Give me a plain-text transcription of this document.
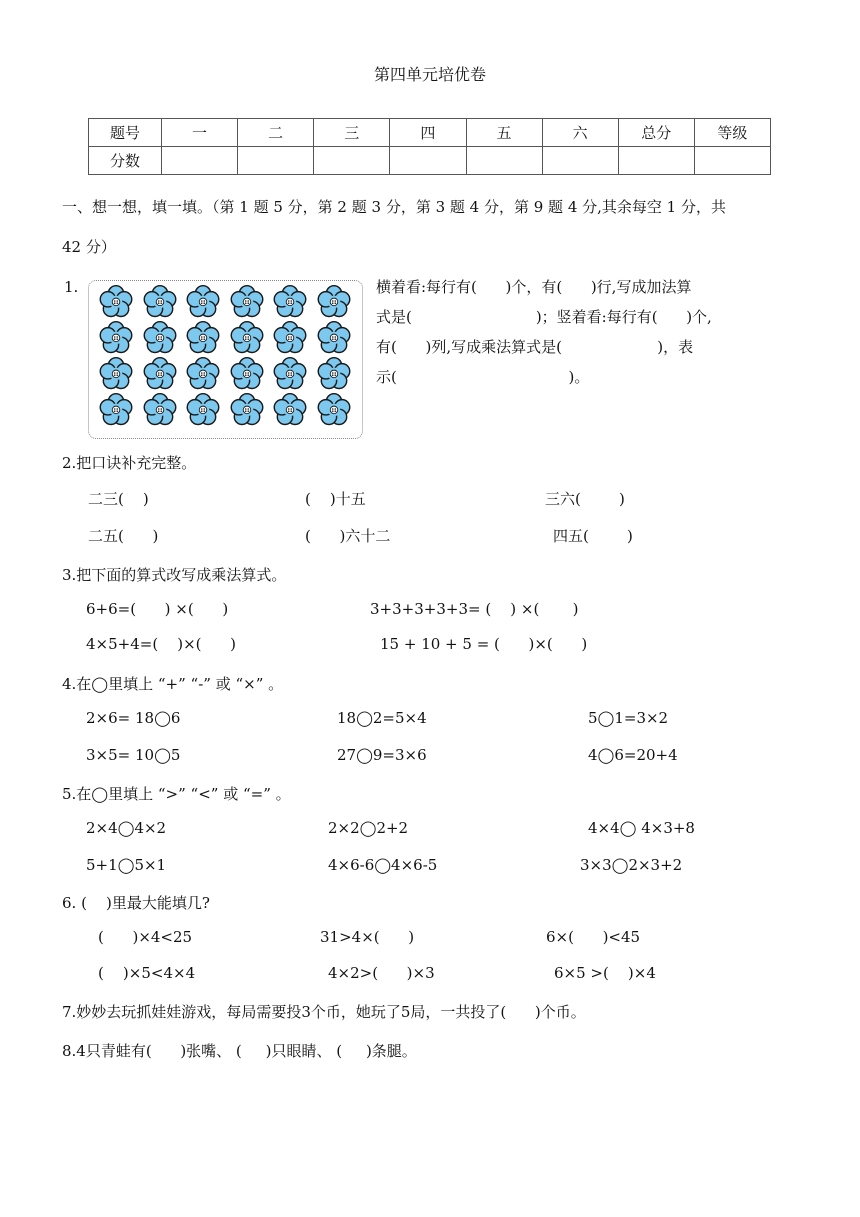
第四单元培优卷
题号	一	二	三	四	五	六	总分	等级
分数								
一、想一想，填一填。（第 1 题 5 分，第 2 题 3 分，第 3 题 4 分，第 9 题 4 分,其余每空 1 分，共
42 分）
1.	横着看:每行有(      )个，有(      )行,写成加法算
式是(                          )；竖着看:每行有(      )个,
有(      )列,写成乘法算式是(                    )，表
示(                                    )。
2.把口诀补充完整。
二三(    )	(    )十五	三六(        )
二五(      )	(      )六十二	四五(        )
3.把下面的算式改写成乘法算式。
6+6=(      ) ×(      )	3+3+3+3+3= (    ) ×(       )
4×5+4=(    )×(      )	15 + 10 + 5 = (      )×(      )
4.在◯里填上 “+” “-” 或 “×” 。
2×6= 18◯6	18◯2=5×4	5◯1=3×2
3×5= 10◯5	27◯9=3×6	4◯6=20+4
5.在◯里填上 “>” “<” 或 “=” 。
2×4◯4×2	2×2◯2+2	4×4◯ 4×3+8
5+1◯5×1	4×6-6◯4×6-5	3×3◯2×3+2
6. (    )里最大能填几?
(      )×4<25	31>4×(      )	6×(      )<45
(    )×5<4×4	4×2>(      )×3	6×5 >(    )×4
7.妙妙去玩抓娃娃游戏，每局需要投3个币，她玩了5局，一共投了(      )个币。
8.4只青蛙有(      )张嘴、 (     )只眼睛、 (     )条腿。
